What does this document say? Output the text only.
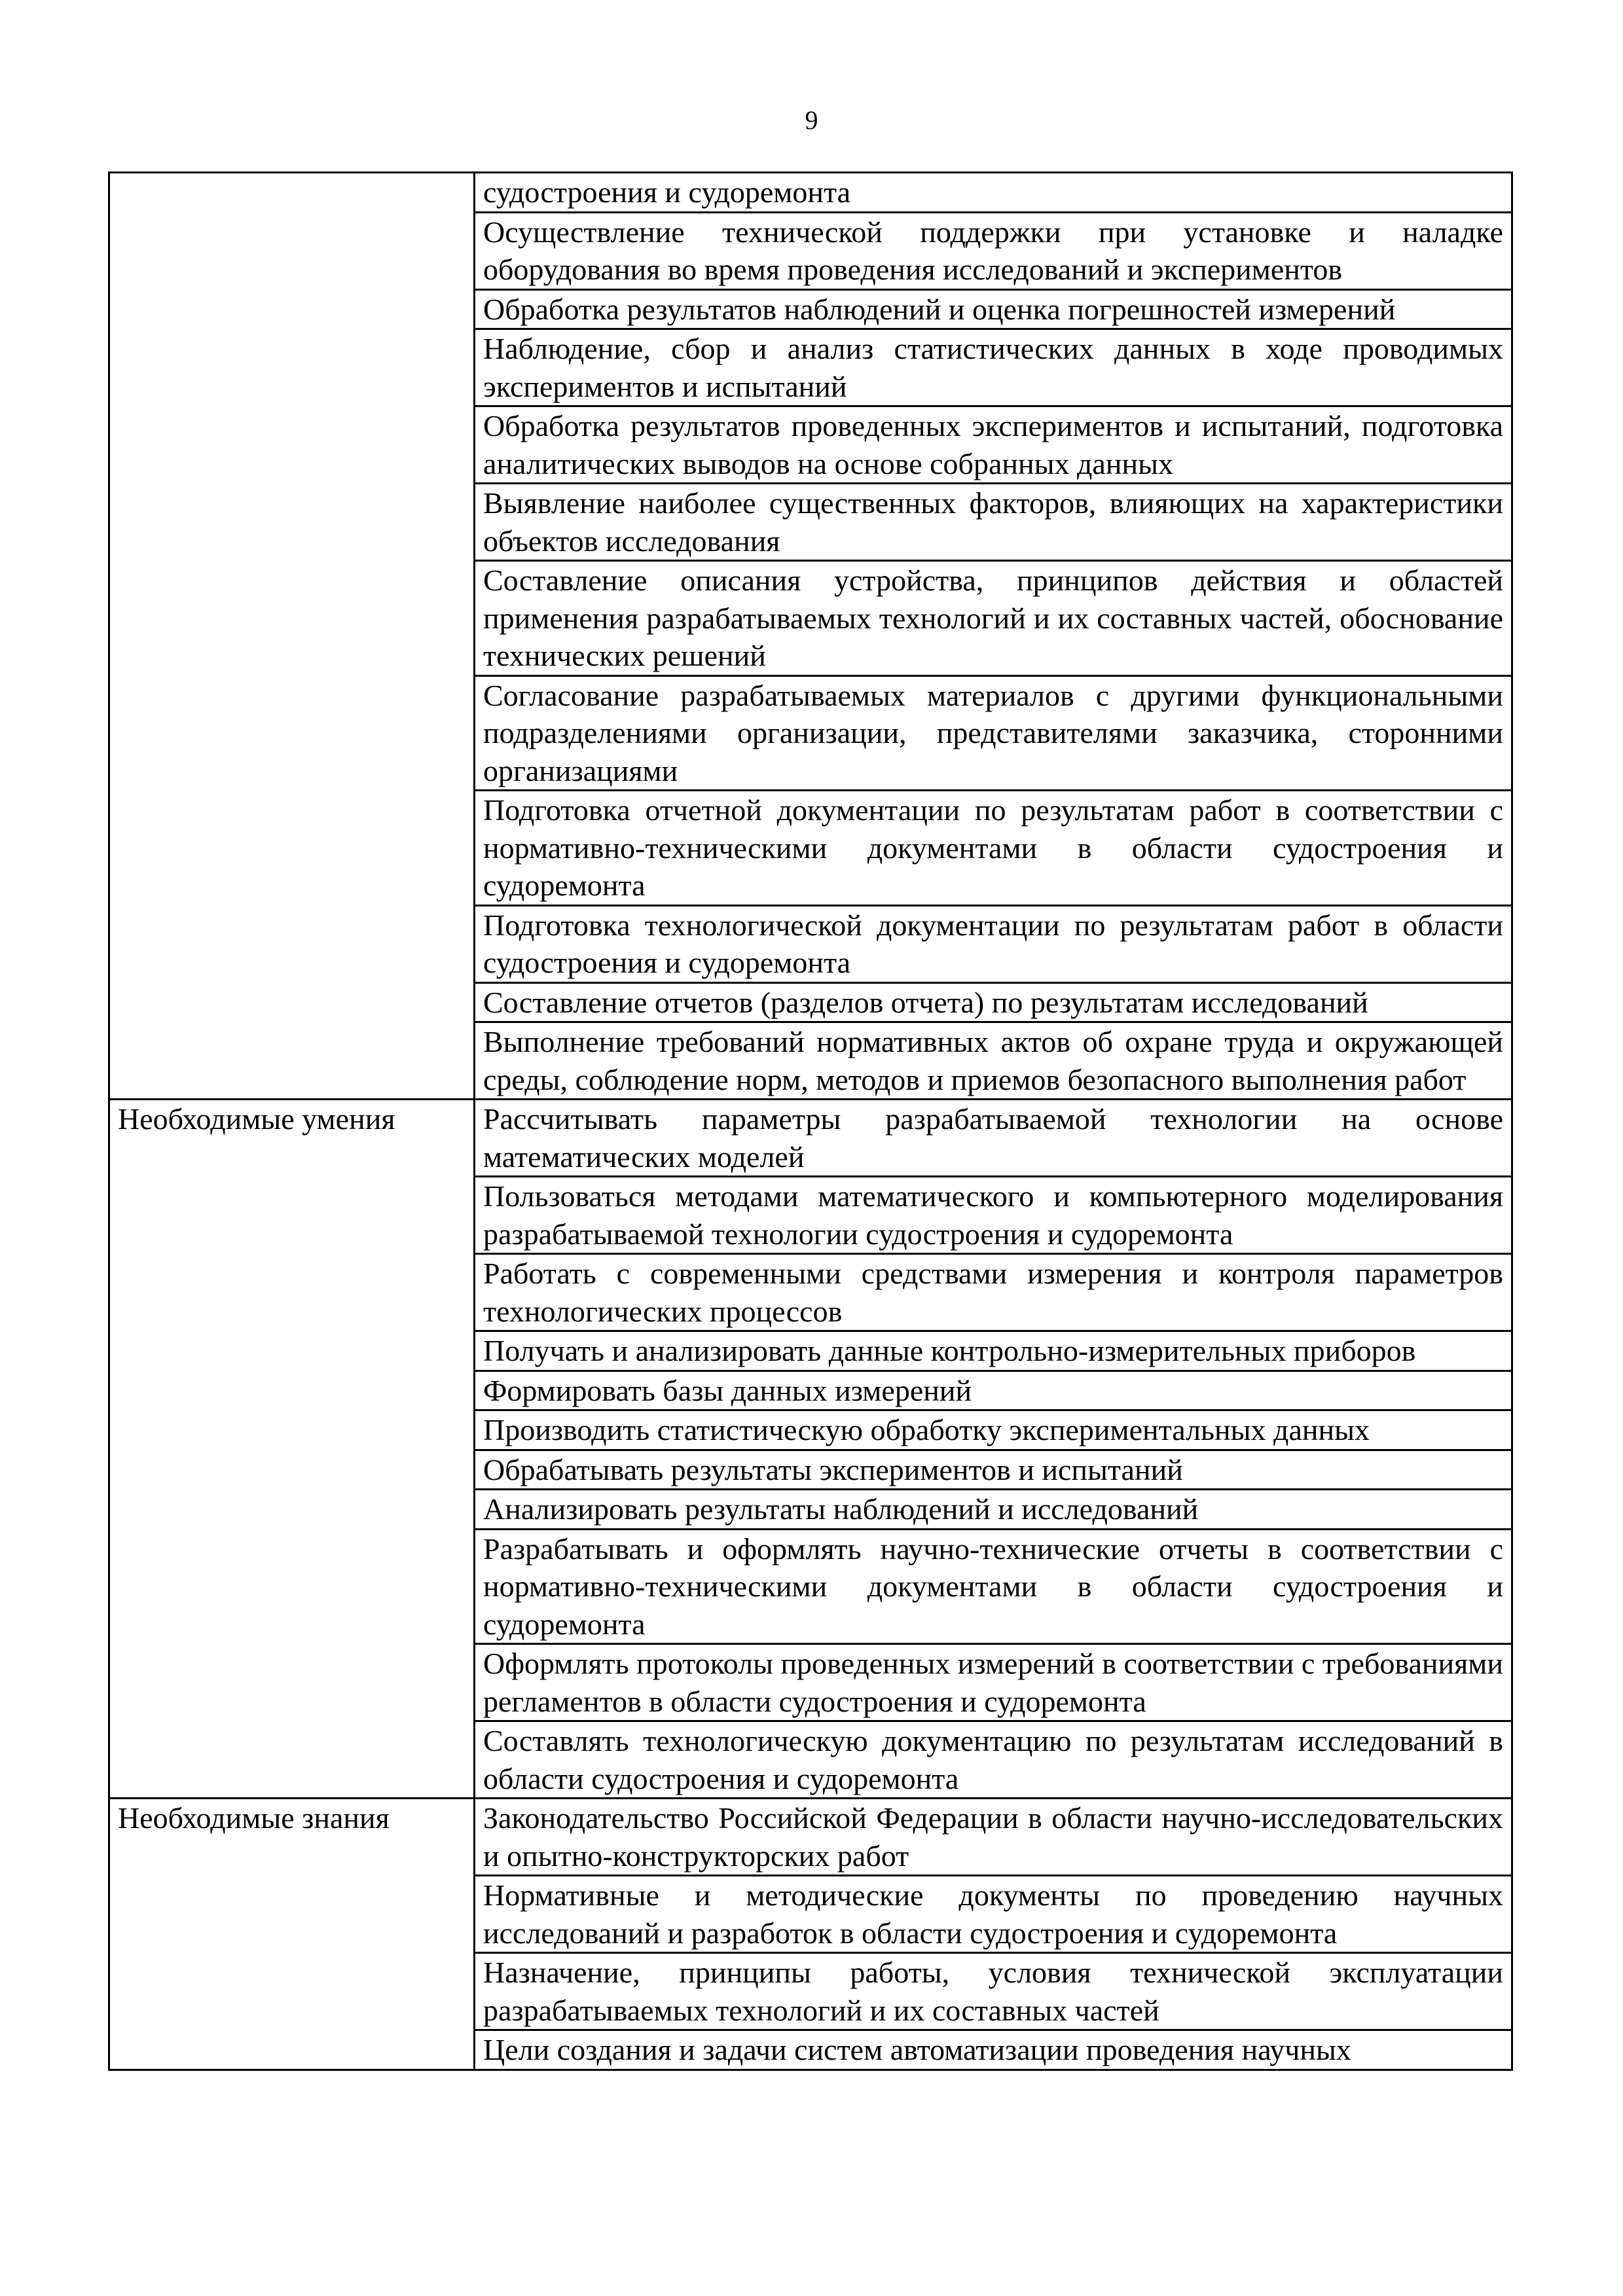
9
	судостроения и судоремонта
	Осуществление технической поддержки при установке и наладке оборудования во время проведения исследований и экспериментов
	Обработка результатов наблюдений и оценка погрешностей измерений
	Наблюдение, сбор и анализ статистических данных в ходе проводимых экспериментов и испытаний
	Обработка результатов проведенных экспериментов и испытаний, подготовка аналитических выводов на основе собранных данных
	Выявление наиболее существенных факторов, влияющих на характеристики объектов исследования
	Составление описания устройства, принципов действия и областей применения разрабатываемых технологий и их составных частей, обоснование технических решений
	Согласование разрабатываемых материалов с другими функциональными подразделениями организации, представителями заказчика, сторонними организациями
	Подготовка отчетной документации по результатам работ в соответствии с нормативно-техническими документами в области судостроения и судоремонта
	Подготовка технологической документации по результатам работ в области судостроения и судоремонта
	Составление отчетов (разделов отчета) по результатам исследований
	Выполнение требований нормативных актов об охране труда и окружающей среды, соблюдение норм, методов и приемов безопасного выполнения работ
Необходимые умения	Рассчитывать параметры разрабатываемой технологии на основе математических моделей
	Пользоваться методами математического и компьютерного моделирования разрабатываемой технологии судостроения и судоремонта
	Работать с современными средствами измерения и контроля параметров технологических процессов
	Получать и анализировать данные контрольно-измерительных приборов
	Формировать базы данных измерений
	Производить статистическую обработку экспериментальных данных
	Обрабатывать результаты экспериментов и испытаний
	Анализировать результаты наблюдений и исследований
	Разрабатывать и оформлять научно-технические отчеты в соответствии с нормативно-техническими документами в области судостроения и судоремонта
	Оформлять протоколы проведенных измерений в соответствии с требованиями регламентов в области судостроения и судоремонта
	Составлять технологическую документацию по результатам исследований в области судостроения и судоремонта
Необходимые знания	Законодательство Российской Федерации в области научно-исследовательских и опытно-конструкторских работ
	Нормативные и методические документы по проведению научных исследований и разработок в области судостроения и судоремонта
	Назначение, принципы работы, условия технической эксплуатации разрабатываемых технологий и их составных частей
	Цели создания и задачи систем автоматизации проведения научных
